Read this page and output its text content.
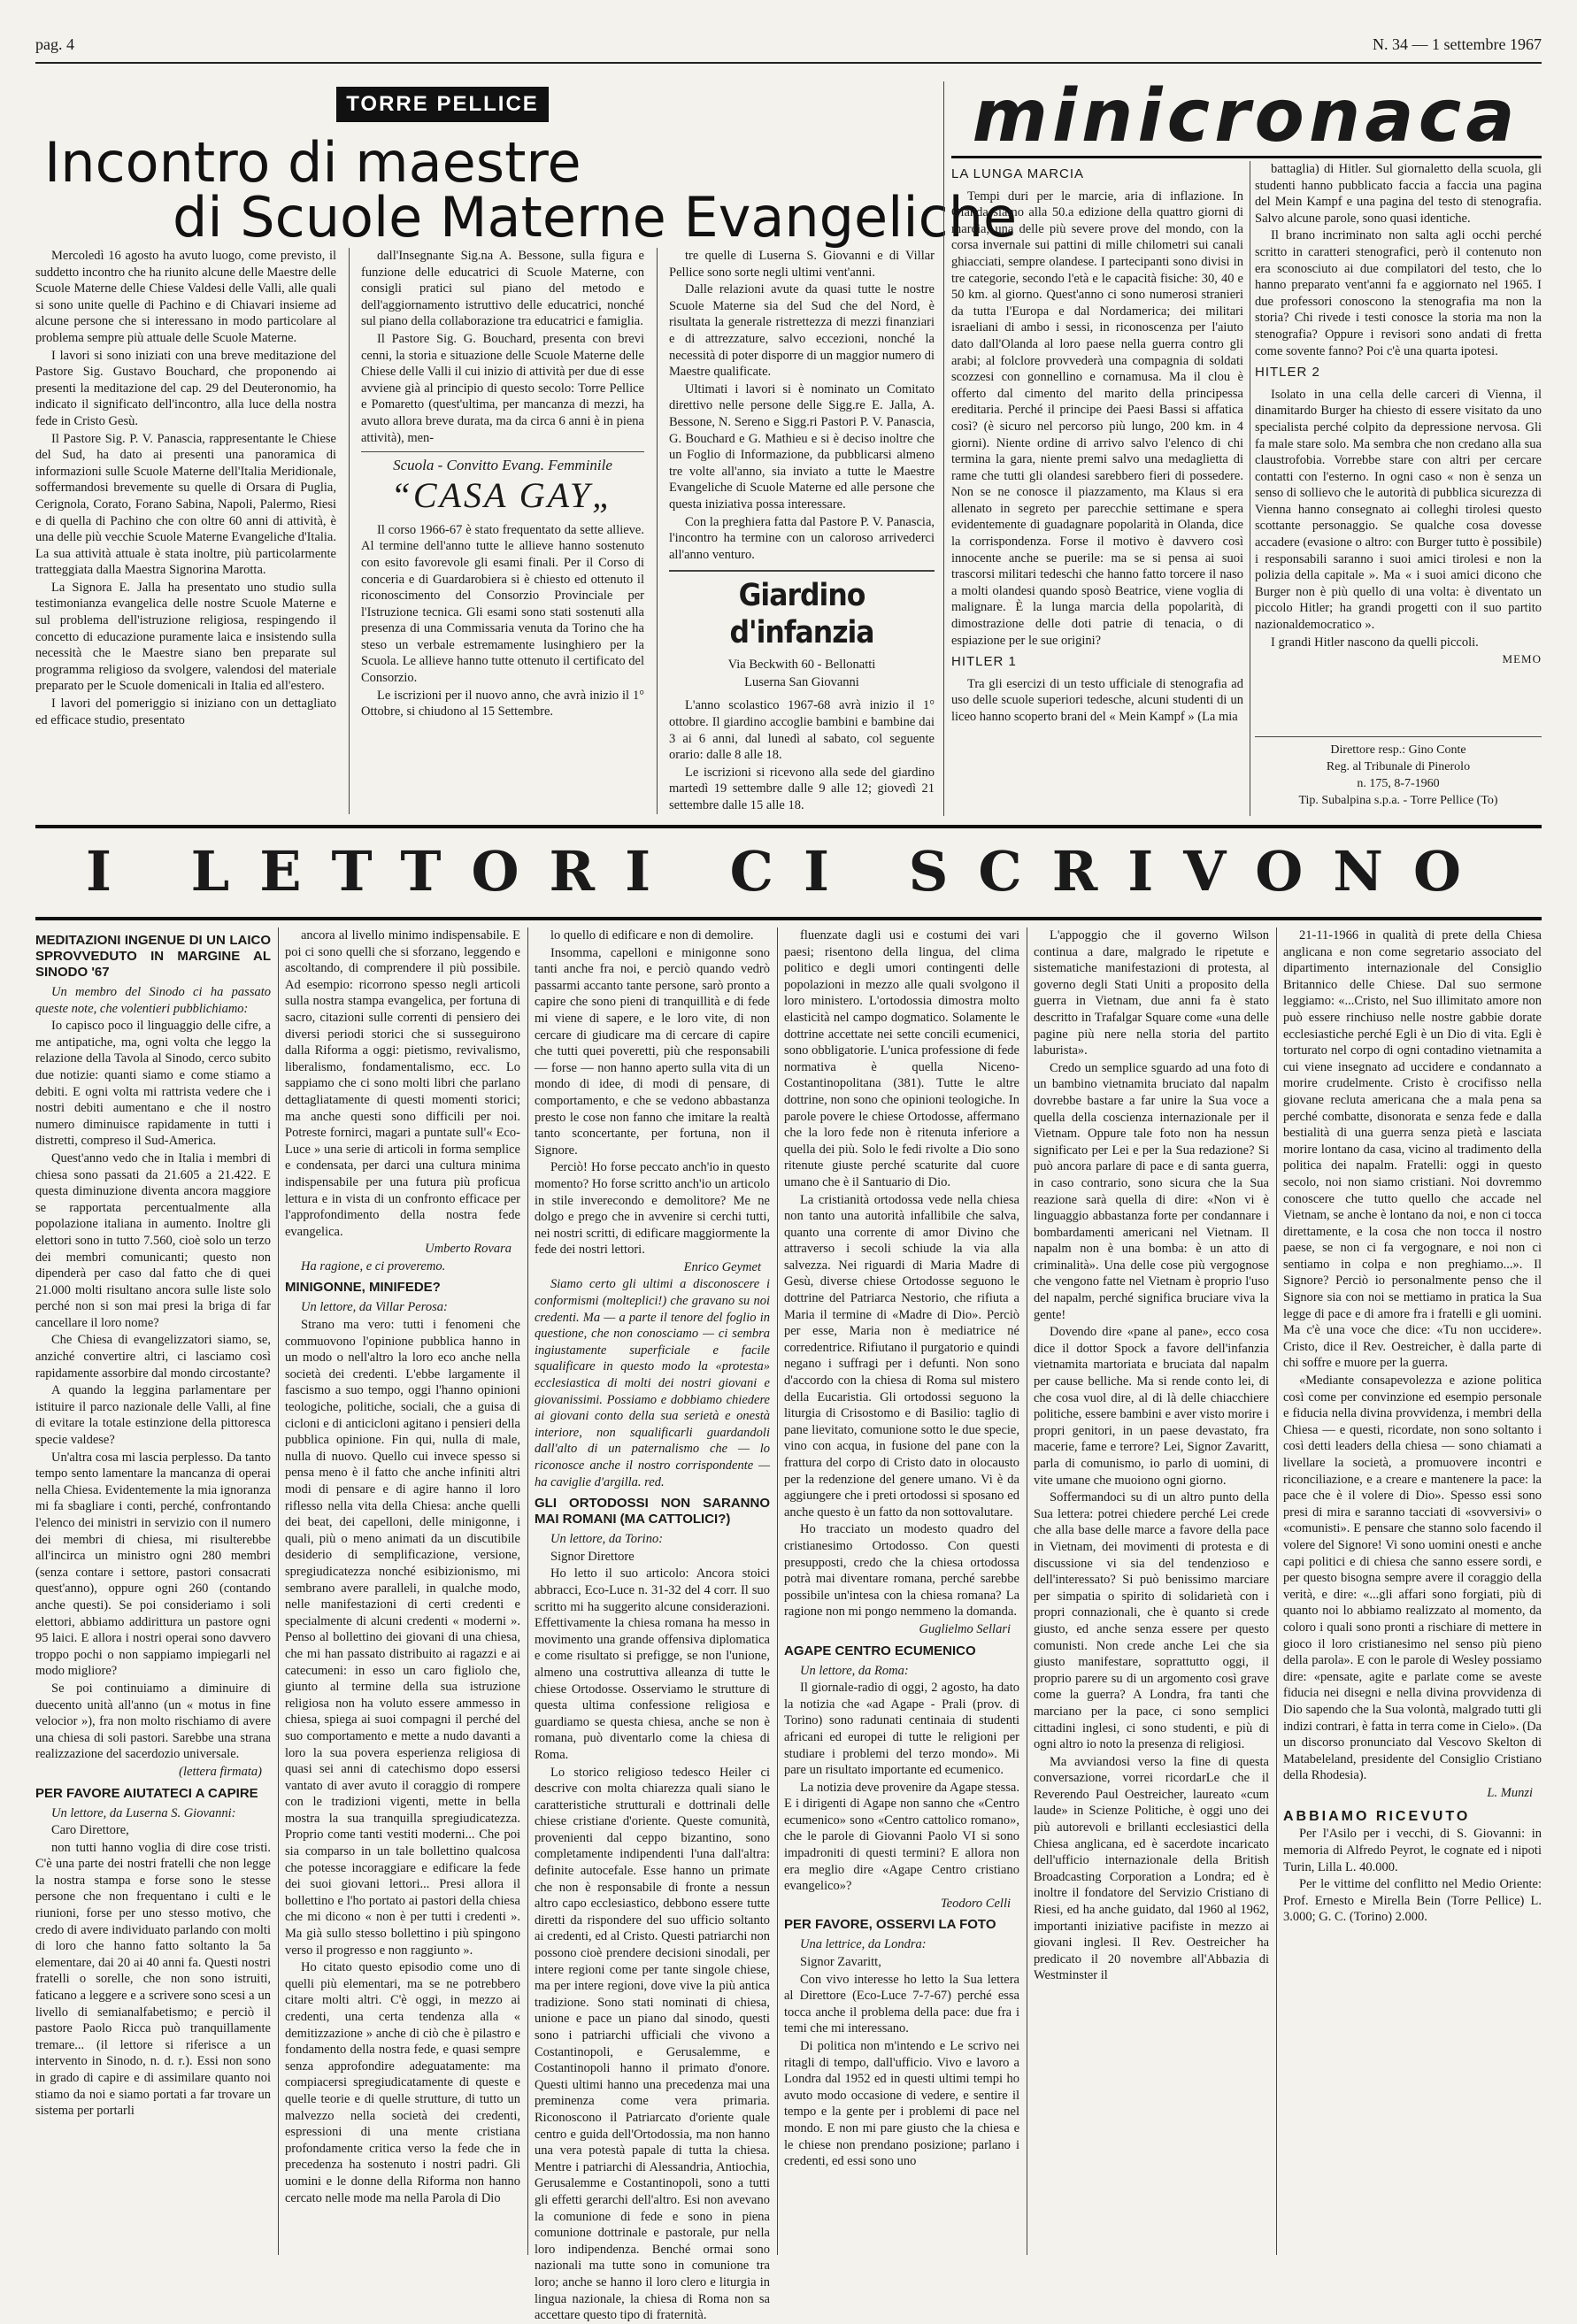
pag. 4	N. 34 — 1 settembre 1967
TORRE PELLICE
Incontro di maestre
di Scuole Materne Evangeliche

Mercoledì 16 agosto ha avuto luogo, come previsto, il suddetto incontro che ha riunito alcune delle Maestre delle Scuole Materne delle Chiese Valdesi delle Valli, alle quali si sono unite quelle di Pachino e di Chiavari insieme ad alcune persone che si interessano in modo particolare al problema sempre più attuale delle Scuole Materne.

I lavori si sono iniziati con una breve meditazione del Pastore Sig. Gustavo Bouchard, che proponendo ai presenti la meditazione del cap. 29 del Deuteronomio, ha indicato il significato dell'incontro, alla luce della nostra fede in Cristo Gesù.

Il Pastore Sig. P. V. Panascia, rappresentante le Chiese del Sud, ha dato ai presenti una panoramica di informazioni sulle Scuole Materne dell'Italia Meridionale, soffermandosi brevemente su quelle di Orsara di Puglia, Cerignola, Corato, Forano Sabina, Napoli, Palermo, Riesi e di quella di Pachino che con oltre 60 anni di attività, è una delle più vecchie Scuole Materne Evangeliche d'Italia. La sua attività attuale è stata inoltre, più particolarmente tratteggiata dalla Maestra Signorina Marotta.

La Signora E. Jalla ha presentato uno studio sulla testimonianza evangelica delle nostre Scuole Materne e sul problema dell'istruzione religiosa, respingendo il concetto di educazione puramente laica e insistendo sulla necessità che le Maestre siano ben preparate sul programma religioso da svolgere, valendosi del materiale preparato per le Scuole domenicali in Italia ed all'estero.

I lavori del pomeriggio si iniziano con un dettagliato ed efficace studio, presentato

dall'Insegnante Sig.na A. Bessone, sulla figura e funzione delle educatrici di Scuole Materne, con consigli pratici sul piano del metodo e dell'aggiornamento istruttivo delle educatrici, nonché sul piano della collaborazione tra educatrici e famiglia.

Il Pastore Sig. G. Bouchard, presenta con brevi cenni, la storia e situazione delle Scuole Materne delle Chiese delle Valli il cui inizio di attività per due di esse avviene già al principio di questo secolo: Torre Pellice e Pomaretto (quest'ultima, per mancanza di mezzi, ha avuto allora breve durata, ma da circa 6 anni è in piena attività), men-

Scuola - Convitto Evang. Femminile
“CASA GAY„

Il corso 1966-67 è stato frequentato da sette allieve. Al termine dell'anno tutte le allieve hanno sostenuto con esito favorevole gli esami finali. Per il Corso di conceria e di Guardarobiera si è chiesto ed ottenuto il riconoscimento del Consorzio Provinciale per l'Istruzione tecnica. Gli esami sono stati sostenuti alla presenza di una Commissaria venuta da Torino che ha steso un verbale estremamente lusinghiero per la Scuola. Le allieve hanno tutte ottenuto il certificato del Consorzio.

Le iscrizioni per il nuovo anno, che avrà inizio il 1° Ottobre, si chiudono al 15 Settembre.

tre quelle di Luserna S. Giovanni e di Villar Pellice sono sorte negli ultimi vent'anni.

Dalle relazioni avute da quasi tutte le nostre Scuole Materne sia del Sud che del Nord, è risultata la generale ristrettezza di mezzi finanziari e di attrezzature, salvo eccezioni, nonché la necessità di poter disporre di un maggior numero di Maestre qualificate.

Ultimati i lavori si è nominato un Comitato direttivo nelle persone delle Sigg.re E. Jalla, A. Bessone, N. Sereno e Sigg.ri Pastori P. V. Panascia, G. Bouchard e G. Mathieu e si è deciso inoltre che un Foglio di Informazione, da pubblicarsi almeno tre volte all'anno, sia inviato a tutte le Maestre Evangeliche di Scuole Materne ed alle persone che questa iniziativa possa interessare.

Con la preghiera fatta dal Pastore P. V. Panascia, l'incontro ha termine con un caloroso arrivederci all'anno venturo.

Giardino d'infanzia

Via Beckwith 60 - Bellonatti

Luserna San Giovanni

L'anno scolastico 1967-68 avrà inizio il 1° ottobre. Il giardino accoglie bambini e bambine dai 3 ai 6 anni, dal lunedì al sabato, col seguente orario: dalle 8 alle 18.

Le iscrizioni si ricevono alla sede del giardino martedì 19 settembre dalle 9 alle 12; giovedì 21 settembre dalle 15 alle 18.

minicronaca
LA LUNGA MARCIA

Tempi duri per le marcie, aria di inflazione. In Olanda siamo alla 50.a edizione della quattro giorni di marcia, una delle più severe prove del mondo, con la corsa invernale sui pattini di mille chilometri sui canali ghiacciati, sempre olandese. I partecipanti sono divisi in tre categorie, secondo l'età e le capacità fisiche: 30, 40 e 50 km. al giorno. Quest'anno ci sono numerosi stranieri da tutta l'Europa e dal Nordamerica; dei militari israeliani di ambo i sessi, in riconoscenza per l'aiuto dato dall'Olanda al loro paese nella guerra contro gli arabi; al folclore provvederà una compagnia di soldati scozzesi con gonnellino e cornamusa. Ma il clou è offerto dal cimento del marito della principessa ereditaria. Perché il principe dei Paesi Bassi si affatica così? (è sicuro nel percorso più lungo, 200 km. in 4 giorni). Niente ordine di arrivo salvo l'elenco di chi termina la gara, niente premi salvo una medaglietta di rame che tutti gli olandesi sarebbero fieri di possedere. Non se ne conosce il piazzamento, ma Klaus si era allenato in segreto per parecchie settimane e spera evidentemente di guadagnare popolarità in Olanda, dice la corrispondenza. Forse il motivo è davvero così innocente anche se puerile: ma se si pensa ai suoi trascorsi militari tedeschi che hanno fatto torcere il naso a molti olandesi quando sposò Beatrice, viene voglia di malignare. È la lunga marcia della popolarità, di dimostrazione delle doti patrie di tenacia, o di espiazione per le sue origini?

HITLER 1

Tra gli esercizi di un testo ufficiale di stenografia ad uso delle scuole superiori tedesche, alcuni studenti di un liceo hanno scoperto brani del « Mein Kampf » (La mia

battaglia) di Hitler. Sul giornaletto della scuola, gli studenti hanno pubblicato faccia a faccia una pagina del Mein Kampf e una pagina del testo di stenografia. Salvo alcune parole, sono quasi identiche.

Il brano incriminato non salta agli occhi perché scritto in caratteri stenografici, però il contenuto non era sconosciuto ai due compilatori del testo, che lo hanno preparato vent'anni fa e aggiornato nel 1965. I due professori conoscono la stenografia ma non la storia? Chi rivede i testi conosce la storia ma non la stenografia? Oppure i revisori sono andati di fretta come sovente fanno? Poi c'è una quarta ipotesi.

HITLER 2

Isolato in una cella delle carceri di Vienna, il dinamitardo Burger ha chiesto di essere visitato da uno specialista perché colpito da depressione nervosa. Gli fa male stare solo. Ma sembra che non credano alla sua claustrofobia. Vorrebbe stare con altri per cercare contatti con l'esterno. In ogni caso « non è senza un senso di sollievo che le autorità di pubblica sicurezza di Vienna hanno consegnato ai colleghi tirolesi questo scottante personaggio. Se qualche cosa dovesse accadere (evasione o altro: con Burger tutto è possibile) i responsabili saranno i suoi amici tirolesi e non la polizia della capitale ». Ma « i suoi amici dicono che Burger non è più quello di una volta: è diventato un piccolo Hitler; ha grandi progetti con il suo partito nazionaldemocratico ».

I grandi Hitler nascono da quelli piccoli.

MEMO
Direttore resp.: Gino Conte
Reg. al Tribunale di Pinerolo
n. 175, 8-7-1960
Tip. Subalpina s.p.a. - Torre Pellice (To)
I LETTORI CI SCRIVONO
MEDITAZIONI INGENUE DI UN LAICO SPROVVEDUTO IN MARGINE AL SINODO '67

Un membro del Sinodo ci ha passato queste note, che volentieri pubblichiamo:

Io capisco poco il linguaggio delle cifre, a me antipatiche, ma, ogni volta che leggo la relazione della Tavola al Sinodo, cerco subito due notizie: quanti siamo e come stiamo a debiti. E ogni volta mi rattrista vedere che i nostri debiti aumentano e che il nostro numero diminuisce rapidamente in tutti i distretti, compreso il Sud-America.

Quest'anno vedo che in Italia i membri di chiesa sono passati da 21.605 a 21.422. E questa diminuzione diventa ancora maggiore se rapportata percentualmente alla popolazione italiana in aumento. Inoltre gli elettori sono in tutto 7.560, cioè solo un terzo dei membri comunicanti; questo non dipenderà per caso dal fatto che di quei 21.000 molti risultano ancora sulle liste solo perché non si son mai presi la briga di far cancellare il loro nome?

Che Chiesa di evangelizzatori siamo, se, anziché convertire altri, ci lasciamo così rapidamente assorbire dal mondo circostante?

A quando la leggina parlamentare per istituire il parco nazionale delle Valli, al fine di evitare la totale estinzione della pittoresca specie valdese?

Un'altra cosa mi lascia perplesso. Da tanto tempo sento lamentare la mancanza di operai nella Chiesa. Evidentemente la mia ignoranza mi fa sbagliare i conti, perché, confrontando l'elenco dei ministri in servizio con il numero dei membri di chiesa, mi risulterebbe all'incirca un ministro ogni 280 membri (senza contare i settore, pastori consacrati quest'anno), oppure ogni 260 (contando anche questi). Se poi consideriamo i soli elettori, abbiamo addirittura un pastore ogni 95 laici. E allora i nostri operai sono davvero troppo pochi o non sappiamo impiegarli nel modo migliore?

Se poi continuiamo a diminuire di duecento unità all'anno (un « motus in fine velocior »), fra non molto rischiamo di avere una chiesa di soli pastori. Sarebbe una strana realizzazione del sacerdozio universale.

(lettera firmata)

PER FAVORE AIUTATECI A CAPIRE

Un lettore, da Luserna S. Giovanni:

Caro Direttore,

non tutti hanno voglia di dire cose tristi. C'è una parte dei nostri fratelli che non legge la nostra stampa e forse sono le stesse persone che non frequentano i culti e le riunioni, forse per uno stesso motivo, che credo di avere individuato parlando con molti di loro che hanno fatto soltanto la 5a elementare, dai 20 ai 40 anni fa. Questi nostri fratelli o sorelle, che non sono istruiti, faticano a leggere e a scrivere sono scesi a un livello di semianalfabetismo; e perciò il pastore Paolo Ricca può tranquillamente tremare... (il lettore si riferisce a un intervento in Sinodo, n. d. r.). Essi non sono in grado di capire e di assimilare quanto noi stiamo da noi e siamo portati a far trovare un sistema per portarli

ancora al livello minimo indispensabile. E poi ci sono quelli che si sforzano, leggendo e ascoltando, di comprendere il più possibile. Ad esempio: ricorrono spesso negli articoli sulla nostra stampa evangelica, per fortuna di sacro, citazioni sulle correnti di pensiero dei diversi periodi storici che si susseguirono dalla Riforma a oggi: pietismo, revivalismo, liberalismo, fondamentalismo, ecc. Lo sappiamo che ci sono molti libri che parlano dettagliatamente di questi momenti storici; ma anche questi sono difficili per noi. Potreste fornirci, magari a puntate sull'« Eco-Luce » una serie di articoli in forma semplice e condensata, per darci una cultura minima indispensabile per una futura più proficua lettura e in vista di un confronto efficace per l'approfondimento della nostra fede evangelica.

Umberto Rovara

Ha ragione, e ci proveremo.

MINIGONNE, MINIFEDE?

Un lettore, da Villar Perosa:

Strano ma vero: tutti i fenomeni che commuovono l'opinione pubblica hanno in un modo o nell'altro la loro eco anche nella società dei credenti. L'ebbe largamente il fascismo a suo tempo, oggi l'hanno opinioni teologiche, politiche, sociali, che a guisa di cicloni e di anticicloni agitano i pensieri della pubblica opinione. Fin qui, nulla di male, nulla di nuovo. Quello cui invece spesso si pensa meno è il fatto che anche infiniti altri modi di pensare e di agire hanno il loro riflesso nella vita della Chiesa: anche quelli dei beat, dei capelloni, delle minigonne, i quali, più o meno animati da un discutibile desiderio di semplificazione, versione, spregiudicatezza nonché esibizionismo, mi sembrano avere paralleli, in qualche modo, nelle manifestazioni di certi credenti e specialmente di alcuni credenti « moderni ». Penso al bollettino dei giovani di una chiesa, che mi han passato distribuito ai ragazzi e ai catecumeni: in esso un caro figliolo che, giunto al termine della sua istruzione religiosa non ha voluto essere ammesso in chiesa, spiega ai suoi compagni il perché del suo comportamento e mette a nudo davanti a loro la sua povera esperienza religiosa di quasi sei anni di catechismo dopo essersi vantato di aver avuto il coraggio di rompere con le tradizioni vigenti, mette in bella mostra la sua tranquilla spregiudicatezza. Proprio come tanti vestiti moderni... Che poi sia comparso in un tale bollettino qualcosa che potesse incoraggiare e edificare la fede dei suoi giovani lettori... Presi allora il bollettino e l'ho portato ai pastori della chiesa che mi dicono « non è per tutti i credenti ». Ma già sullo stesso bollettino i più spingono verso il progresso e non raggiunto ».

Ho citato questo episodio come uno di quelli più elementari, ma se ne potrebbero citare molti altri. C'è oggi, in mezzo ai credenti, una certa tendenza alla « demitizzazione » anche di ciò che è pilastro e fondamento della nostra fede, e quasi sempre senza approfondire adeguatamente: ma compiacersi spregiudicatamente di queste e quelle teorie e di quelle strutture, di tutto un malvezzo nella società dei credenti, espressioni di una mente cristiana profondamente critica verso la fede che in precedenza ha sostenuto i nostri padri. Gli uomini e le donne della Riforma non hanno cercato nelle mode ma nella Parola di Dio

lo quello di edificare e non di demolire.

Insomma, capelloni e minigonne sono tanti anche fra noi, e perciò quando vedrò passarmi accanto tante persone, sarò pronto a capire che sono pieni di tranquillità e di fede mi viene di sapere, e le loro vite, di non cercare di giudicare ma di cercare di capire che tutti quei poveretti, più che responsabili — forse — non hanno aperto sulla vita di un mondo di idee, di modi di pensare, di comportamento, e che se vedono abbastanza presto le cose non fanno che imitare la realtà tanto sconcertante, per fortuna, non il Signore.

Perciò! Ho forse peccato anch'io in questo momento? Ho forse scritto anch'io un articolo in stile inverecondo e demolitore? Me ne dolgo e prego che in avvenire si cerchi tutti, nei nostri scritti, di edificare maggiormente la fede dei nostri lettori.

Enrico Geymet

Siamo certo gli ultimi a disconoscere i conformismi (molteplici!) che gravano su noi credenti. Ma — a parte il tenore del foglio in questione, che non conosciamo — ci sembra ingiustamente superficiale e facile squalificare in questo modo la «protesta» ecclesiastica di molti dei nostri giovani e giovanissimi. Possiamo e dobbiamo chiedere ai giovani conto della sua serietà e onestà interiore, non squalificarli guardandoli dall'alto di un paternalismo che — lo riconosce anche il nostro corrispondente — ha caviglie d'argilla. red.

GLI ORTODOSSI NON SARANNO MAI ROMANI (MA CATTOLICI?)

Un lettore, da Torino:

Signor Direttore

Ho letto il suo articolo: Ancora stoici abbracci, Eco-Luce n. 31-32 del 4 corr. Il suo scritto mi ha suggerito alcune considerazioni. Effettivamente la chiesa romana ha messo in movimento una grande offensiva diplomatica e come risultato si prefigge, se non l'unione, almeno una costruttiva alleanza di tutte le chiese Ortodosse. Osserviamo le strutture di questa ultima confessione religiosa e guardiamo se questa chiesa, anche se non è romana, può diventarlo come la chiesa di Roma.

Lo storico religioso tedesco Heiler ci descrive con molta chiarezza quali siano le caratteristiche strutturali e dottrinali delle chiese cristiane d'oriente. Queste comunità, provenienti dal ceppo bizantino, sono completamente indipendenti l'una dall'altra: definite autocefale. Esse hanno un primate che non è responsabile di fronte a nessun altro capo ecclesiastico, debbono essere tutte diretti da rispondere del suo ufficio soltanto ai credenti, ed al Cristo. Questi patriarchi non possono cioè prendere decisioni sinodali, per intere regioni come per tante singole chiese, ma per intere regioni, dove vive la più antica tradizione. Sono stati nominati di chiesa, unione e pace un piano dal sinodo, questi sono i patriarchi ufficiali che vivono a Costantinopoli, e Gerusalemme, e Costantinopoli hanno il primato d'onore. Questi ultimi hanno una precedenza mai una preminenza come vera primaria. Riconoscono il Patriarcato d'oriente quale centro e guida dell'Ortodossia, ma non hanno una vera potestà papale di tutta la chiesa. Mentre i patriarchi di Alessandria, Antiochia, Gerusalemme e Costantinopoli, sono a tutti gli effetti gerarchi dell'altro. Esi non avevano la comunione di fede e sono in piena comunione dottrinale e pastorale, pur nella loro indipendenza. Benché ormai sono nazionali ma tutte sono in comunione tra loro; anche se hanno il loro clero e liturgia in lingua nazionale, la chiesa di Roma non sa accettare questo tipo di fraternità.

fluenzate dagli usi e costumi dei vari paesi; risentono della lingua, del clima politico e degli umori contingenti delle popolazioni in mezzo alle quali svolgono il loro ministero. L'ortodossia dimostra molto elasticità nel campo dogmatico. Solamente le dottrine accettate nei sette concili ecumenici, sono obbligatorie. L'unica professione di fede normativa è quella Niceno-Costantinopolitana (381). Tutte le altre dottrine, non sono che opinioni teologiche. In parole povere le chiese Ortodosse, affermano che la loro fede non è ritenuta inferiore a quella dei più. Solo le fedi rivolte a Dio sono ritenute giuste perché scaturite dal cuore umano che è il Santuario di Dio.

La cristianità ortodossa vede nella chiesa non tanto una autorità infallibile che salva, quanto una corrente di amor Divino che attraverso i secoli schiude la via alla salvezza. Nei riguardi di Maria Madre di Gesù, diverse chiese Ortodosse seguono le dottrine del Patriarca Nestorio, che rifiuta a Maria il termine di «Madre di Dio». Perciò per esse, Maria non è mediatrice né corredentrice. Rifiutano il purgatorio e quindi negano i suffragi per i defunti. Non sono d'accordo con la chiesa di Roma sul mistero della Eucaristia. Gli ortodossi seguono la liturgia di Crisostomo e di Basilio: taglio di pane lievitato, comunione sotto le due specie, vino con acqua, in fusione del pane con la frattura del corpo di Cristo dato in olocausto per la redenzione del genere umano. Vi è da aggiungere che i preti ortodossi si sposano ed anche questo è un fatto da non sottovalutare.

Ho tracciato un modesto quadro del cristianesimo Ortodosso. Con questi presupposti, credo che la chiesa ortodossa potrà mai diventare romana, perché sarebbe possibile un'intesa con la chiesa romana? La ragione non mi pongo nemmeno la domanda.

Guglielmo Sellari

AGAPE CENTRO ECUMENICO

Un lettore, da Roma:

Il giornale-radio di oggi, 2 agosto, ha dato la notizia che «ad Agape - Prali (prov. di Torino) sono radunati centinaia di studenti africani ed europei di tutte le religioni per studiare i problemi del terzo mondo». Mi pare un risultato importante ed ecumenico.

La notizia deve provenire da Agape stessa. E i dirigenti di Agape non sanno che «Centro ecumenico» sono «Centro cattolico romano», che le parole di Giovanni Paolo VI si sono impadroniti di questi termini? E allora non era meglio dire «Agape Centro cristiano evangelico»?

Teodoro Celli

PER FAVORE, OSSERVI LA FOTO

Una lettrice, da Londra:

Signor Zavaritt,

Con vivo interesse ho letto la Sua lettera al Direttore (Eco-Luce 7-7-67) perché essa tocca anche il problema della pace: due fra i temi che mi interessano.

Di politica non m'intendo e Le scrivo nei ritagli di tempo, dall'ufficio. Vivo e lavoro a Londra dal 1952 ed in questi ultimi tempi ho avuto modo occasione di vedere, e sentire il tempo e la gente per i problemi di pace nel mondo. E non mi pare giusto che la chiesa e le chiese non prendano posizione; parlano i credenti, ed essi sono uno

L'appoggio che il governo Wilson continua a dare, malgrado le ripetute e sistematiche manifestazioni di protesta, al governo degli Stati Uniti a proposito della guerra in Vietnam, due anni fa è stato descritto in Trafalgar Square come «una delle pagine più nere nella storia del partito laburista».

Credo un semplice sguardo ad una foto di un bambino vietnamita bruciato dal napalm dovrebbe bastare a far unire la Sua voce a quella della coscienza internazionale per il Vietnam. Oppure tale foto non ha nessun significato per Lei e per la Sua redazione? Si può ancora parlare di pace e di santa guerra, in caso contrario, sono sicura che la Sua reazione sarà quella di dire: «Non vi è linguaggio abbastanza forte per condannare i bombardamenti americani nel Vietnam. Il napalm non è una bomba: è un atto di criminalità». Una delle cose più vergognose che vengono fatte nel Vietnam è proprio l'uso del napalm, perché significa bruciare viva la gente!

Dovendo dire «pane al pane», ecco cosa dice il dottor Spock a favore dell'infanzia vietnamita martoriata e bruciata dal napalm per cause belliche. Ma si rende conto lei, di che cosa vuol dire, al di là delle chiacchiere politiche, essere bambini e aver visto morire i propri genitori, in un paese devastato, fra macerie, fame e terrore? Lei, Signor Zavaritt, parla di comunismo, io parlo di uomini, di vite umane che muoiono ogni giorno.

Soffermandoci su di un altro punto della Sua lettera: potrei chiedere perché Lei crede che alla base delle marce a favore della pace in Vietnam, dei movimenti di protesta e di discussione vi sia del tendenzioso e dell'interessato? Si può benissimo marciare per simpatia o spirito di solidarietà con i propri connazionali, che è quanto si crede giusto, ed anche senza essere per questo comunisti. Non crede anche Lei che sia giusto manifestare, soprattutto oggi, il proprio parere su di un argomento così grave come la guerra? A Londra, fra tanti che marciano per la pace, ci sono semplici cittadini inglesi, ci sono studenti, e più di ogni altro io noto la presenza di religiosi.

Ma avviandosi verso la fine di questa conversazione, vorrei ricordarLe che il Reverendo Paul Oestreicher, laureato «cum laude» in Scienze Politiche, è oggi uno dei più autorevoli e brillanti ecclesiastici della Chiesa anglicana, ed è sacerdote incaricato dell'ufficio internazionale della British Broadcasting Corporation a Londra; ed è inoltre il fondatore del Servizio Cristiano di Riesi, ed ha anche guidato, dal 1960 al 1962, importanti iniziative pacifiste in mezzo ai giovani inglesi. Il Rev. Oestreicher ha predicato il 20 novembre all'Abbazia di Westminster il

21-11-1966 in qualità di prete della Chiesa anglicana e non come segretario associato del dipartimento internazionale del Consiglio Britannico delle Chiese. Dal suo sermone leggiamo: «...Cristo, nel Suo illimitato amore non può essere rinchiuso nelle nostre gabbie dorate ecclesiastiche perché Egli è un Dio di vita. Egli è torturato nel corpo di ogni contadino vietnamita a cui viene insegnato ad uccidere e condannato a morire crudelmente. Cristo è crocifisso nella giovane recluta americana che a mala pena sa perché combatte, disonorata e senza fede e dalla bestialità di una guerra senza pietà e lasciata morire lontano da casa, vicino al tradimento della politica dei napalm. Fratelli: oggi in questo secolo, noi non siamo cristiani. Noi dovremmo conoscere che tutto quello che accade nel Vietnam, se anche è lontano da noi, e non ci tocca direttamente, e la cosa che non tocca il nostro paese, se non ci fa vergognare, e noi non ci sentiamo in colpa e non preghiamo...». Il Signore? Perciò io personalmente penso che il Signore sia con noi se mettiamo in pratica la Sua legge di pace e di amore fra i fratelli e gli uomini. Ma c'è una voce che dice: «Tu non uccidere». Cristo, dice il Rev. Oestreicher, è dalla parte di chi soffre e muore per la guerra.

«Mediante consapevolezza e azione politica così come per convinzione ed esempio personale e fiducia nella divina provvidenza, i membri della Chiesa — e questi, ricordate, non sono soltanto i così detti leaders della chiesa — sono chiamati a livellare la società, a promuovere incontri e riconciliazione, e a creare e mantenere la pace: la pace che è il volere di Dio». Spesso essi sono presi di mira e saranno tacciati di «sovversivi» o «comunisti». E pensare che stanno solo facendo il volere del Signore! Vi sono uomini onesti e anche capi politici e di chiesa che sanno essere sordi, e per questo bisogna sempre avere il coraggio della verità, e dire: «...gli affari sono forgiati, più di quanto noi lo abbiamo realizzato al momento, da coloro i quali sono pronti a rischiare di mettere in gioco il loro cristianesimo nel senso più pieno della parola». E con le parole di Wesley possiamo dire: «pensate, agite e parlate come se aveste fiducia nei disegni e nella divina provvidenza di Dio sapendo che la Sua volontà, malgrado tutti gli indizi contrari, è fatta in terra come in Cielo». (Da un discorso pronunciato dal Vescovo Skelton di Matabeleland, presidente del Consiglio Cristiano della Rhodesia).

L. Munzi

ABBIAMO RICEVUTO

Per l'Asilo per i vecchi, di S. Giovanni: in memoria di Alfredo Peyrot, le cognate ed i nipoti Turin, Lilla L. 40.000.

Per le vittime del conflitto nel Medio Oriente: Prof. Ernesto e Mirella Bein (Torre Pellice) L. 3.000; G. C. (Torino) 2.000.
